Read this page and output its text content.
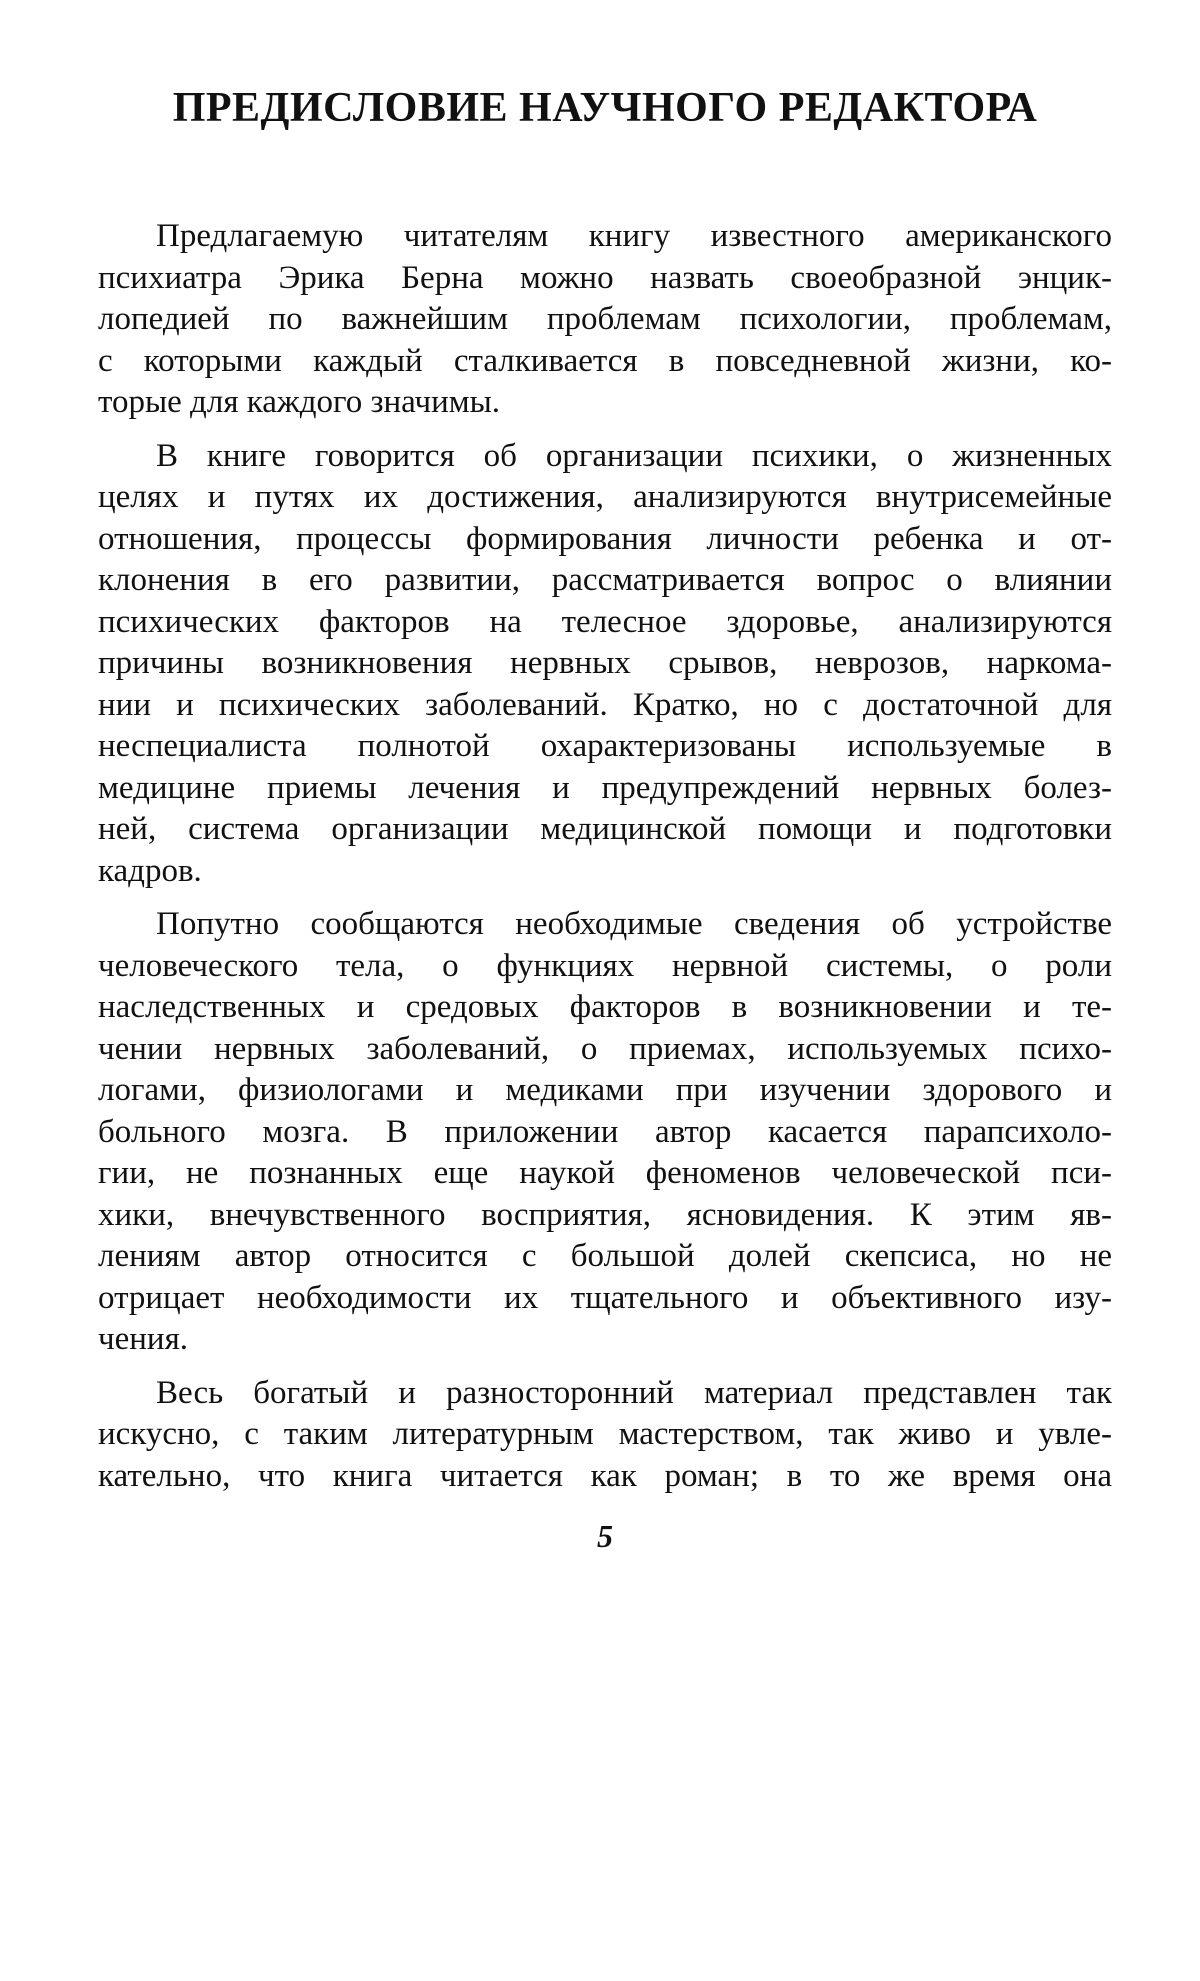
ПРЕДИСЛОВИЕ НАУЧНОГО РЕДАКТОРА

Предлагаемую читателям книгу известного американского
психиатра Эрика Берна можно назвать своеобразной энцик-
лопедией по важнейшим проблемам психологии, проблемам,
с которыми каждый сталкивается в повседневной жизни, ко-
торые для каждого значимы.

В книге говорится об организации психики, о жизненных
целях и путях их достижения, анализируются внутрисемейные
отношения, процесcы формирования личности ребенка и от-
клонения в его развитии, рассматривается вопрос о влиянии
психических факторов на телесное здоровье, анализируются
причины возникновения нервных срывов, неврозов, наркома-
нии и психических заболеваний. Кратко, но с достаточной для
неспециалиста полнотой охарактеризованы используемые в
медицине приемы лечения и предупреждений нервных болез-
ней, система организации медицинской помощи и подготовки
кадров.

Попутно сообщаются необходимые сведения об устройстве
человеческого тела, о функциях нервной системы, о роли
наследственных и средовых факторов в возникновении и те-
чении нервных заболеваний, о приемах, используемых психо-
логами, физиологами и медиками при изучении здорового и
больного мозга. В приложении автор касается парапсихоло-
гии, не познанных еще наукой феноменов человеческой пси-
хики, внечувственного восприятия, ясновидения. К этим яв-
лениям автор относится с большой долей скепсиса, но не
отрицает необходимости их тщательного и объективного изу-
чения.

Весь богатый и разносторонний материал представлен так
искусно, с таким литературным мастерством, так живо и увле-
кательно, что книга читается как роман; в то же время она

5
